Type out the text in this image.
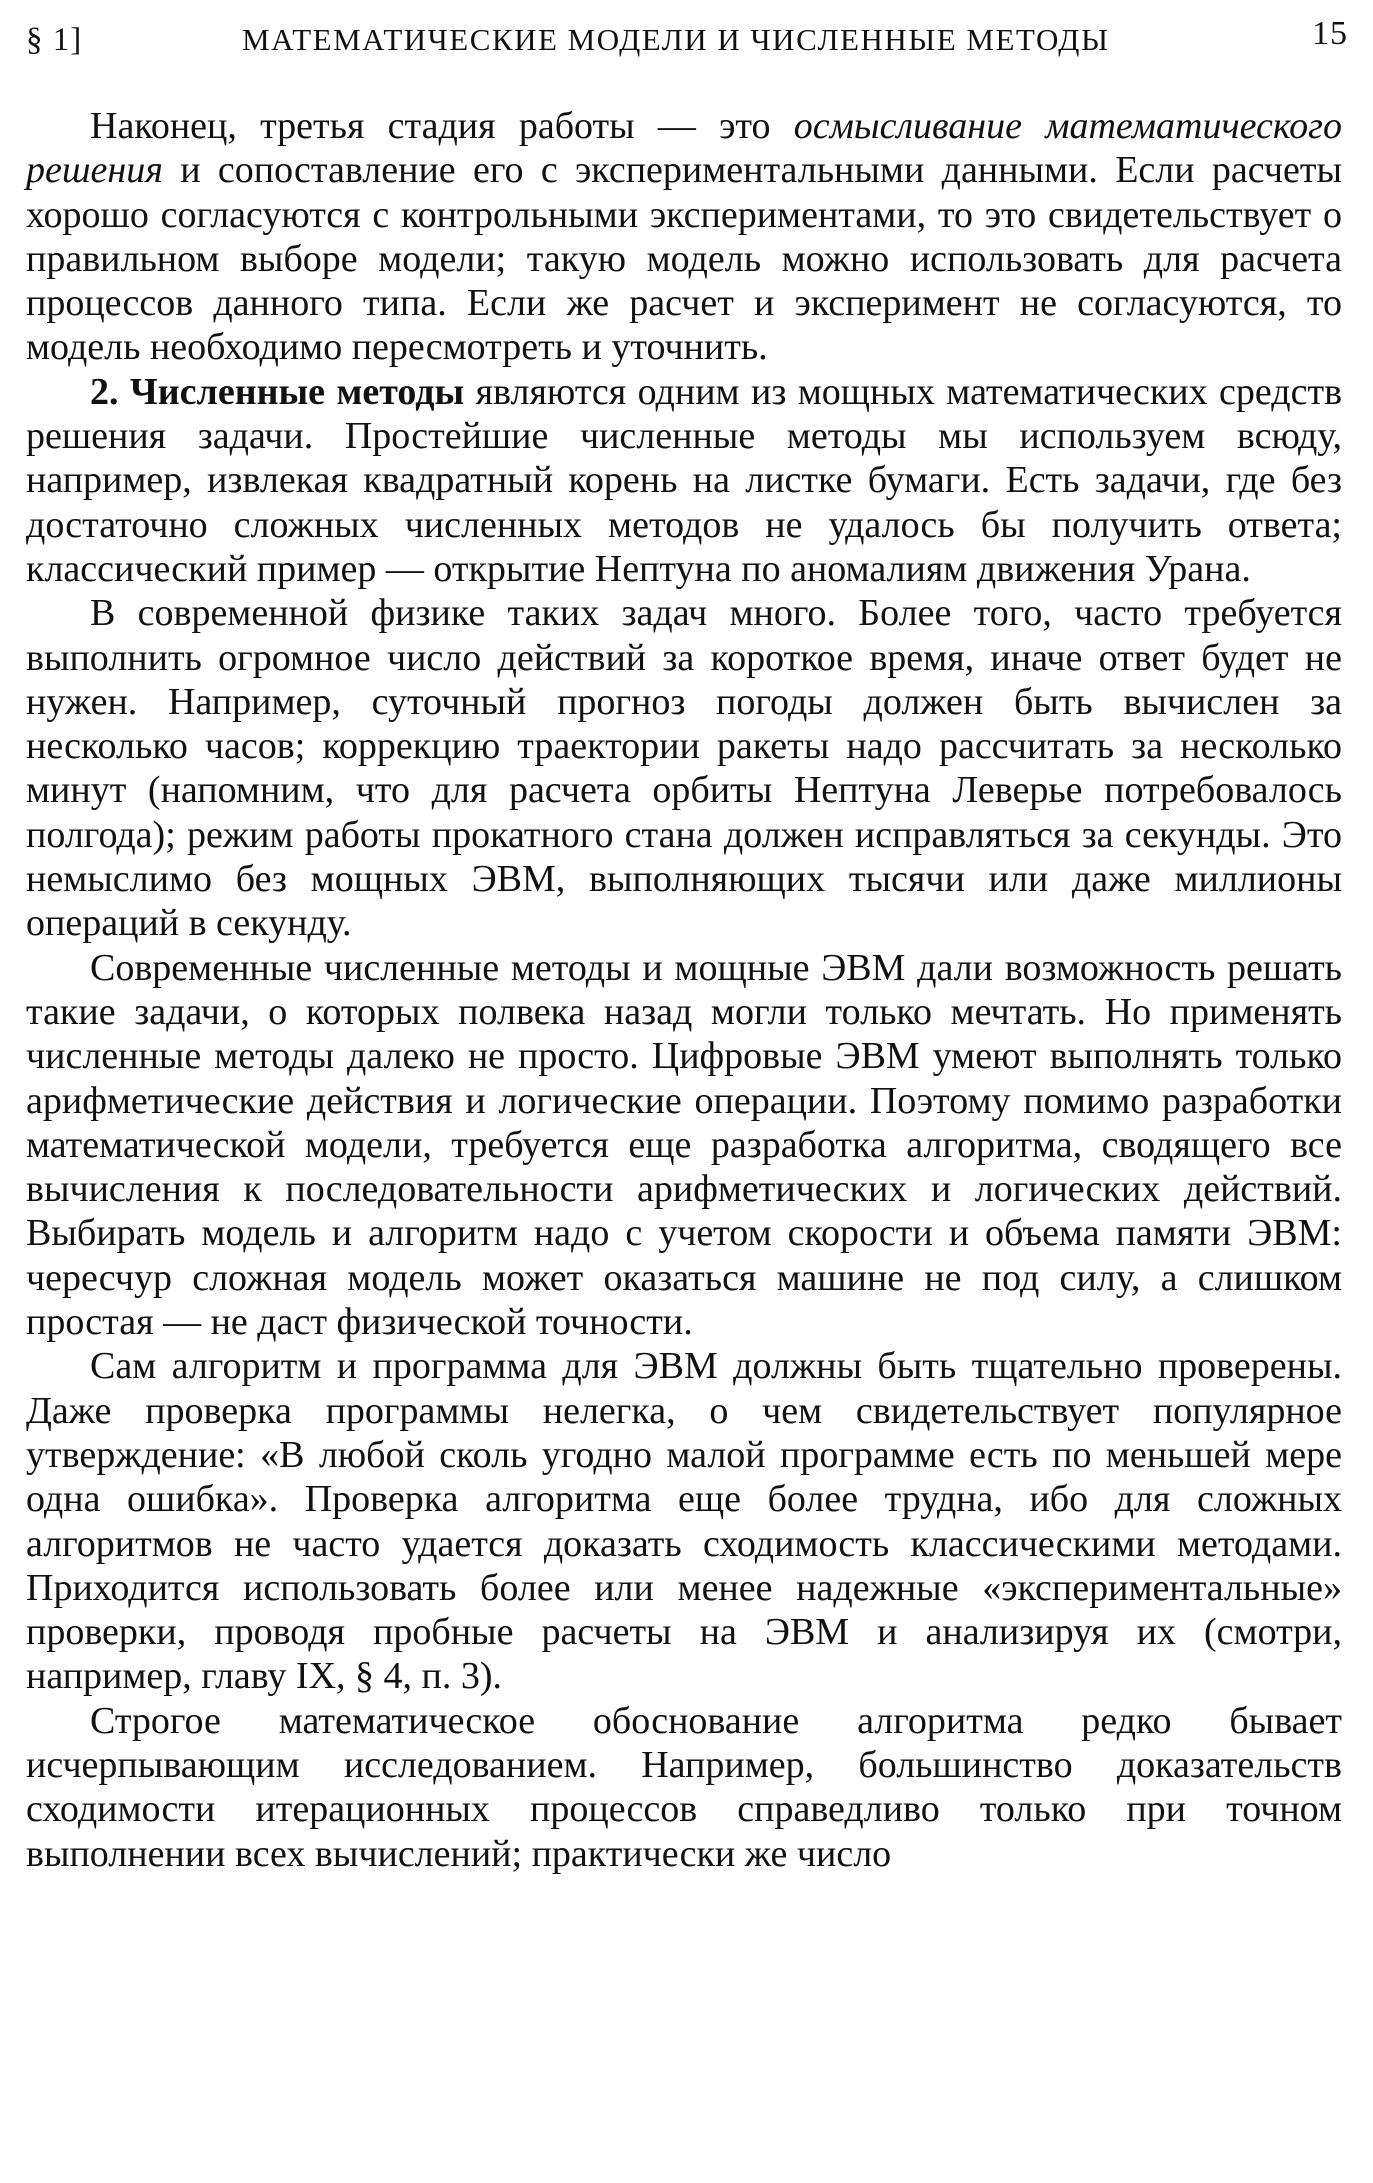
§ 1]	МАТЕМАТИЧЕСКИЕ МОДЕЛИ И ЧИСЛЕННЫЕ МЕТОДЫ	15

Наконец, третья стадия работы — это осмысливание математического решения и сопоставление его с экспериментальными данными. Если расчеты хорошо согласуются с контрольными экспериментами, то это свидетельствует о правильном выборе модели; такую модель можно использовать для расчета процессов данного типа. Если же расчет и эксперимент не согласуются, то модель необходимо пересмотреть и уточнить.

2. Численные методы являются одним из мощных математических средств решения задачи. Простейшие численные методы мы используем всюду, например, извлекая квадратный корень на листке бумаги. Есть задачи, где без достаточно сложных численных методов не удалось бы получить ответа; классический пример — открытие Нептуна по аномалиям движения Урана.

В современной физике таких задач много. Более того, часто требуется выполнить огромное число действий за короткое время, иначе ответ будет не нужен. Например, суточный прогноз погоды должен быть вычислен за несколько часов; коррекцию траектории ракеты надо рассчитать за несколько минут (напомним, что для расчета орбиты Нептуна Леверье потребовалось полгода); режим работы прокатного стана должен исправляться за секунды. Это немыслимо без мощных ЭВМ, выполняющих тысячи или даже миллионы операций в секунду.

Современные численные методы и мощные ЭВМ дали возможность решать такие задачи, о которых полвека назад могли только мечтать. Но применять численные методы далеко не просто. Цифровые ЭВМ умеют выполнять только арифметические действия и логические операции. Поэтому помимо разработки математической модели, требуется еще разработка алгоритма, сводящего все вычисления к последовательности арифметических и логических действий. Выбирать модель и алгоритм надо с учетом скорости и объема памяти ЭВМ: чересчур сложная модель может оказаться машине не под силу, а слишком простая — не даст физической точности.

Сам алгоритм и программа для ЭВМ должны быть тщательно проверены. Даже проверка программы нелегка, о чем свидетельствует популярное утверждение: «В любой сколь угодно малой программе есть по меньшей мере одна ошибка». Проверка алгоритма еще более трудна, ибо для сложных алгоритмов не часто удается доказать сходимость классическими методами. Приходится использовать более или менее надежные «экспериментальные» проверки, проводя пробные расчеты на ЭВМ и анализируя их (смотри, например, главу IX, § 4, п. 3).

Строгое математическое обоснование алгоритма редко бывает исчерпывающим исследованием. Например, большинство доказательств сходимости итерационных процессов справедливо только при точном выполнении всех вычислений; практически же число
